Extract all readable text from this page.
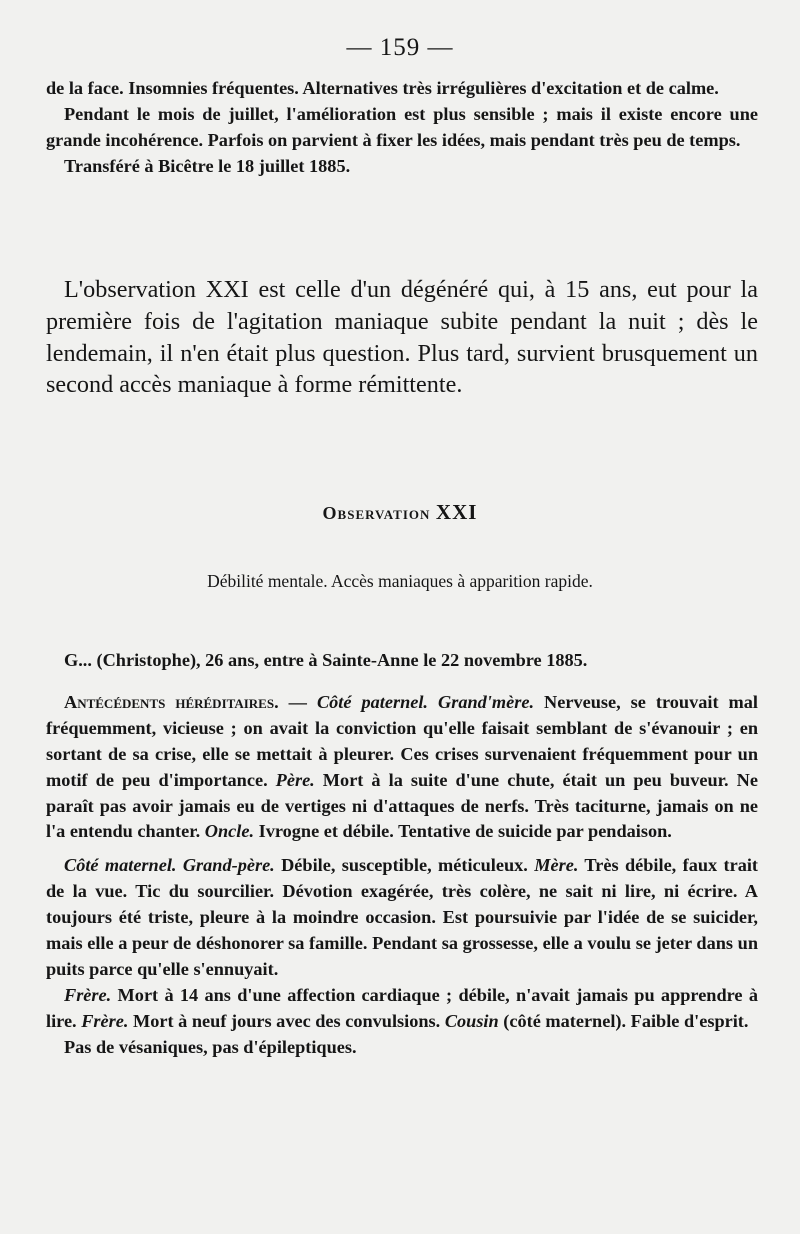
— 159 —

de la face. Insomnies fréquentes. Alternatives très irrégulières d'excitation et de calme.

Pendant le mois de juillet, l'amélioration est plus sensible ; mais il existe encore une grande incohérence. Parfois on parvient à fixer les idées, mais pendant très peu de temps.

Transféré à Bicêtre le 18 juillet 1885.

L'observation XXI est celle d'un dégénéré qui, à 15 ans, eut pour la première fois de l'agitation maniaque subite pendant la nuit ; dès le lendemain, il n'en était plus question. Plus tard, survient brusquement un second accès maniaque à forme rémittente.

Observation XXI
Débilité mentale. Accès maniaques à apparition rapide.

G... (Christophe), 26 ans, entre à Sainte-Anne le 22 novembre 1885.

Antécédents héréditaires. — Côté paternel. Grand'mère. Nerveuse, se trouvait mal fréquemment, vicieuse ; on avait la conviction qu'elle faisait semblant de s'évanouir ; en sortant de sa crise, elle se mettait à pleurer. Ces crises survenaient fréquemment pour un motif de peu d'importance. Père. Mort à la suite d'une chute, était un peu buveur. Ne paraît pas avoir jamais eu de vertiges ni d'attaques de nerfs. Très taciturne, jamais on ne l'a entendu chanter. Oncle. Ivrogne et débile. Tentative de suicide par pendaison.

Côté maternel. Grand-père. Débile, susceptible, méticuleux. Mère. Très débile, faux trait de la vue. Tic du sourcilier. Dévotion exagérée, très colère, ne sait ni lire, ni écrire. A toujours été triste, pleure à la moindre occasion. Est poursuivie par l'idée de se suicider, mais elle a peur de déshonorer sa famille. Pendant sa grossesse, elle a voulu se jeter dans un puits parce qu'elle s'ennuyait.

Frère. Mort à 14 ans d'une affection cardiaque ; débile, n'avait jamais pu apprendre à lire. Frère. Mort à neuf jours avec des convulsions. Cousin (côté maternel). Faible d'esprit.

Pas de vésaniques, pas d'épileptiques.
